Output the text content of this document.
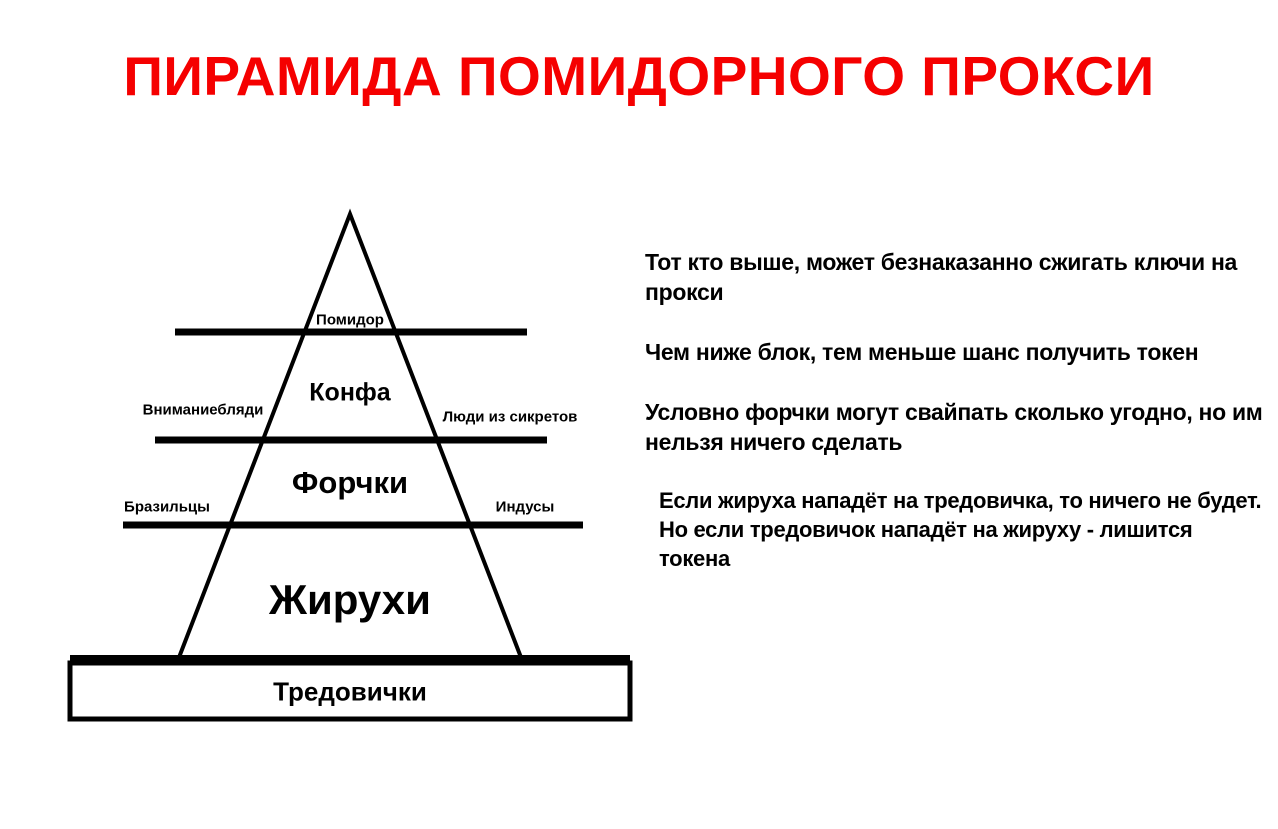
ПИРАМИДА ПОМИДОРНОГО ПРОКСИ
Помидор
Конфа
Форчки
Жирухи
Тредовички
Вниманиебляди	Люди из сикретов
Бразильцы	Индусы
Тот кто выше, может безнаказанно сжигать ключи на прокси
Чем ниже блок, тем меньше шанс получить токен
Условно форчки могут свайпать сколько угодно, но им нельзя ничего сделать
Если жируха нападёт на тредовичка, то ничего не будет. Но если тредовичок нападёт на жируху - лишится токена
